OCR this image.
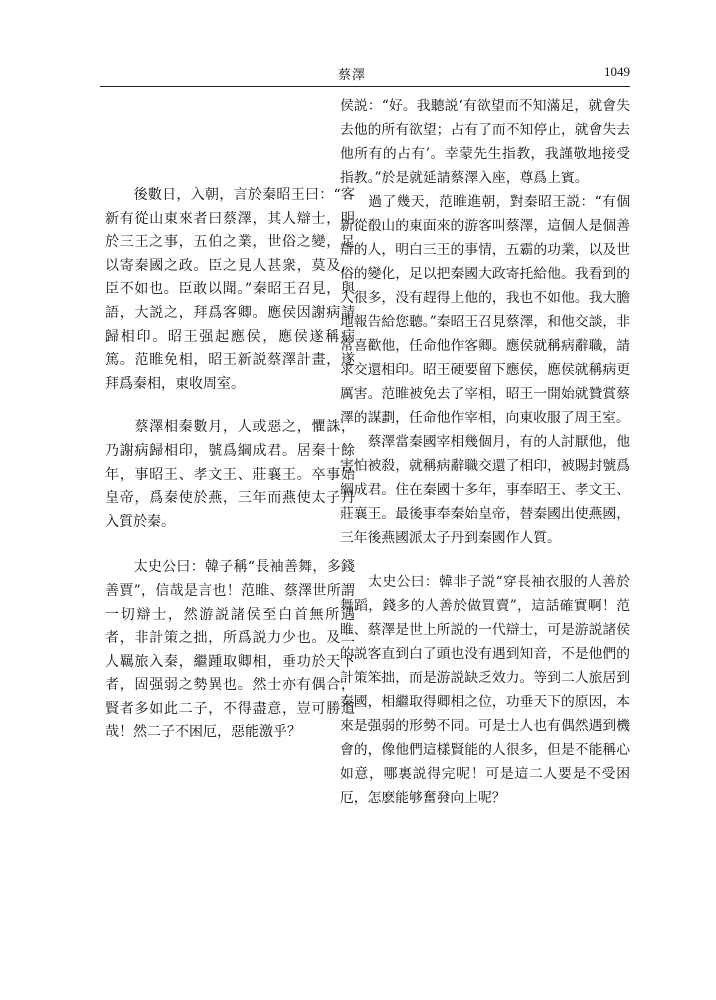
蔡澤	1049

　　後數日，入朝，言於秦昭王曰：“客新有從山東來者曰蔡澤，其人辯士，明於三王之事，五伯之業，世俗之變，足以寄秦國之政。臣之見人甚衆，莫及，臣不如也。臣敢以聞。”秦昭王召見，與語，大説之，拜爲客卿。應侯因謝病請歸相印。昭王强起應侯，應侯遂稱病篤。范睢免相，昭王新説蔡澤計畫，遂拜爲秦相，東收周室。

　　蔡澤相秦數月，人或惡之，懼誅，乃謝病歸相印，號爲綱成君。居秦十餘年，事昭王、孝文王、莊襄王。卒事始皇帝，爲秦使於燕，三年而燕使太子丹入質於秦。

　　太史公曰：韓子稱“長袖善舞，多錢善賈”，信哉是言也！范睢、蔡澤世所謂一切辯士，然游説諸侯至白首無所遇者，非計策之拙，所爲説力少也。及二人羈旅入秦，繼踵取卿相，垂功於天下者，固强弱之勢異也。然士亦有偶合，賢者多如此二子，不得盡意，豈可勝道哉！然二子不困厄，惡能激乎？

侯説：“好。我聽説‘有欲望而不知滿足，就會失去他的所有欲望；占有了而不知停止，就會失去他所有的占有’。幸蒙先生指教，我謹敬地接受指教。”於是就延請蔡澤入座，尊爲上賓。

　　過了幾天，范睢進朝，對秦昭王説：“有個新從殽山的東面來的游客叫蔡澤，這個人是個善辯的人，明白三王的事情，五霸的功業，以及世俗的變化，足以把秦國大政寄托給他。我看到的人很多，没有趕得上他的，我也不如他。我大膽地報告給您聽。”秦昭王召見蔡澤，和他交談，非常喜歡他，任命他作客卿。應侯就稱病辭職，請求交還相印。昭王硬要留下應侯，應侯就稱病更厲害。范睢被免去了宰相，昭王一開始就贊賞蔡澤的謀劃，任命他作宰相，向東收服了周王室。

　　蔡澤當秦國宰相幾個月，有的人討厭他，他害怕被殺，就稱病辭職交還了相印，被賜封號爲綱成君。住在秦國十多年，事奉昭王、孝文王、莊襄王。最後事奉秦始皇帝，替秦國出使燕國，三年後燕國派太子丹到秦國作人質。

　　太史公曰：韓非子説“穿長袖衣服的人善於舞蹈，錢多的人善於做買賣”，這話確實啊！范睢、蔡澤是世上所説的一代辯士，可是游説諸侯的説客直到白了頭也没有遇到知音，不是他們的計策笨拙，而是游説缺乏效力。等到二人旅居到秦國，相繼取得卿相之位，功垂天下的原因，本來是强弱的形勢不同。可是士人也有偶然遇到機會的，像他們這樣賢能的人很多，但是不能稱心如意，哪裏説得完呢！可是這二人要是不受困厄，怎麽能够奮發向上呢？
